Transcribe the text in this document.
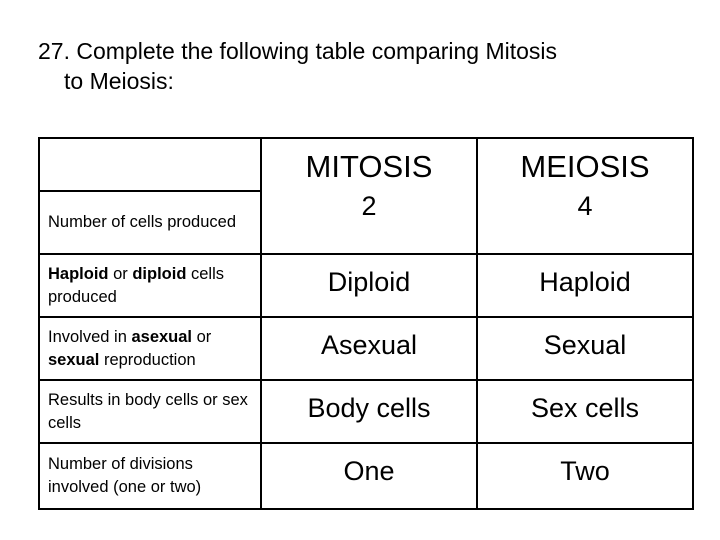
27. Complete the following table comparing Mitosis
to Meiosis:
	MITOSIS	MEIOSIS
Number of cells produced	2	4
Haploid or diploid cells produced	Diploid	Haploid
Involved in asexual or sexual reproduction	Asexual	Sexual
Results in body cells or sex cells	Body cells	Sex cells
Number of divisions involved (one or two)	One	Two
